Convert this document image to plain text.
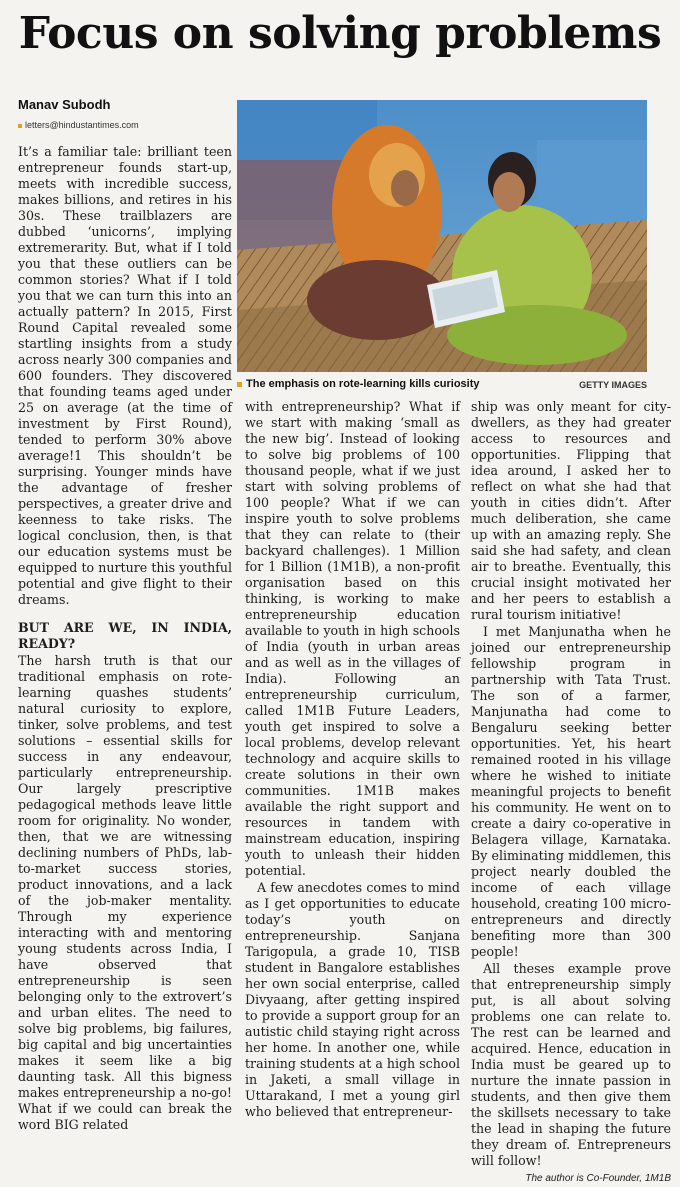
Focus on solving problems
Manav Subodh
letters@hindustantimes.com
The emphasis on rote-learning kills curiosity	GETTY IMAGES

It’s a familiar tale: brilliant teen entrepreneur founds start-up, meets with incredible success, makes billions, and retires in his 30s. These trailblazers are dubbed ‘unicorns’, implying extremerarity. But, what if I told you that these outliers can be common stories? What if I told you that we can turn this into an actually pattern? In 2015, First Round Capital revealed some startling insights from a study across nearly 300 companies and 600 founders. They discovered that founding teams aged under 25 on average (at the time of investment by First Round), tended to perform 30% above average!1 This shouldn’t be surprising. Younger minds have the advantage of fresher perspectives, a greater drive and keenness to take risks. The logical conclusion, then, is that our education systems must be equipped to nurture this youthful potential and give flight to their dreams.

BUT ARE WE, IN INDIA, READY?

The harsh truth is that our traditional emphasis on rote-learning quashes students’ natural curiosity to explore, tinker, solve problems, and test solutions – essential skills for success in any endeavour, particularly entrepreneurship. Our largely prescriptive pedagogical methods leave little room for originality. No wonder, then, that we are witnessing declining numbers of PhDs, lab-to-market success stories, product innovations, and a lack of the job-maker mentality. Through my experience interacting with and mentoring young students across India, I have observed that entrepreneurship is seen belonging only to the extrovert’s and urban elites. The need to solve big problems, big failures, big capital and big uncertainties makes it seem like a big daunting task. All this bigness makes entrepreneurship a no-go! What if we could can break the word BIG related

with entrepreneurship? What if we start with making ‘small as the new big’. Instead of looking to solve big problems of 100 thousand people, what if we just start with solving problems of 100 people? What if we can inspire youth to solve problems that they can relate to (their backyard challenges). 1 Million for 1 Billion (1M1B), a non-profit organisation based on this thinking, is working to make entrepreneurship education available to youth in high schools of India (youth in urban areas and as well as in the villages of India). Following an entrepreneurship curriculum, called 1M1B Future Leaders, youth get inspired to solve a local problems, develop relevant technology and acquire skills to create solutions in their own communities. 1M1B makes available the right support and resources in tandem with mainstream education, inspiring youth to unleash their hidden potential.

A few anecdotes comes to mind as I get opportunities to educate today’s youth on entrepreneurship. Sanjana Tarigopula, a grade 10, TISB student in Bangalore establishes her own social enterprise, called Divyaang, after getting inspired to provide a support group for an autistic child staying right across her home. In another one, while training students at a high school in Jaketi, a small village in Uttarakand, I met a young girl who believed that entrepreneur-

ship was only meant for city-dwellers, as they had greater access to resources and opportunities. Flipping that idea around, I asked her to reflect on what she had that youth in cities didn’t. After much deliberation, she came up with an amazing reply. She said she had safety, and clean air to breathe. Eventually, this crucial insight motivated her and her peers to establish a rural tourism initiative!

I met Manjunatha when he joined our entrepreneurship fellowship program in partnership with Tata Trust. The son of a farmer, Manjunatha had come to Bengaluru seeking better opportunities. Yet, his heart remained rooted in his village where he wished to initiate meaningful projects to benefit his community. He went on to create a dairy co-operative in Belagera village, Karnataka. By eliminating middlemen, this project nearly doubled the income of each village household, creating 100 micro-entrepreneurs and directly benefiting more than 300 people!

All theses example prove that entrepreneurship simply put, is all about solving problems one can relate to. The rest can be learned and acquired. Hence, education in India must be geared up to nurture the innate passion in students, and then give them the skillsets necessary to take the lead in shaping the future they dream of. Entrepreneurs will follow!

The author is Co-Founder, 1M1B
